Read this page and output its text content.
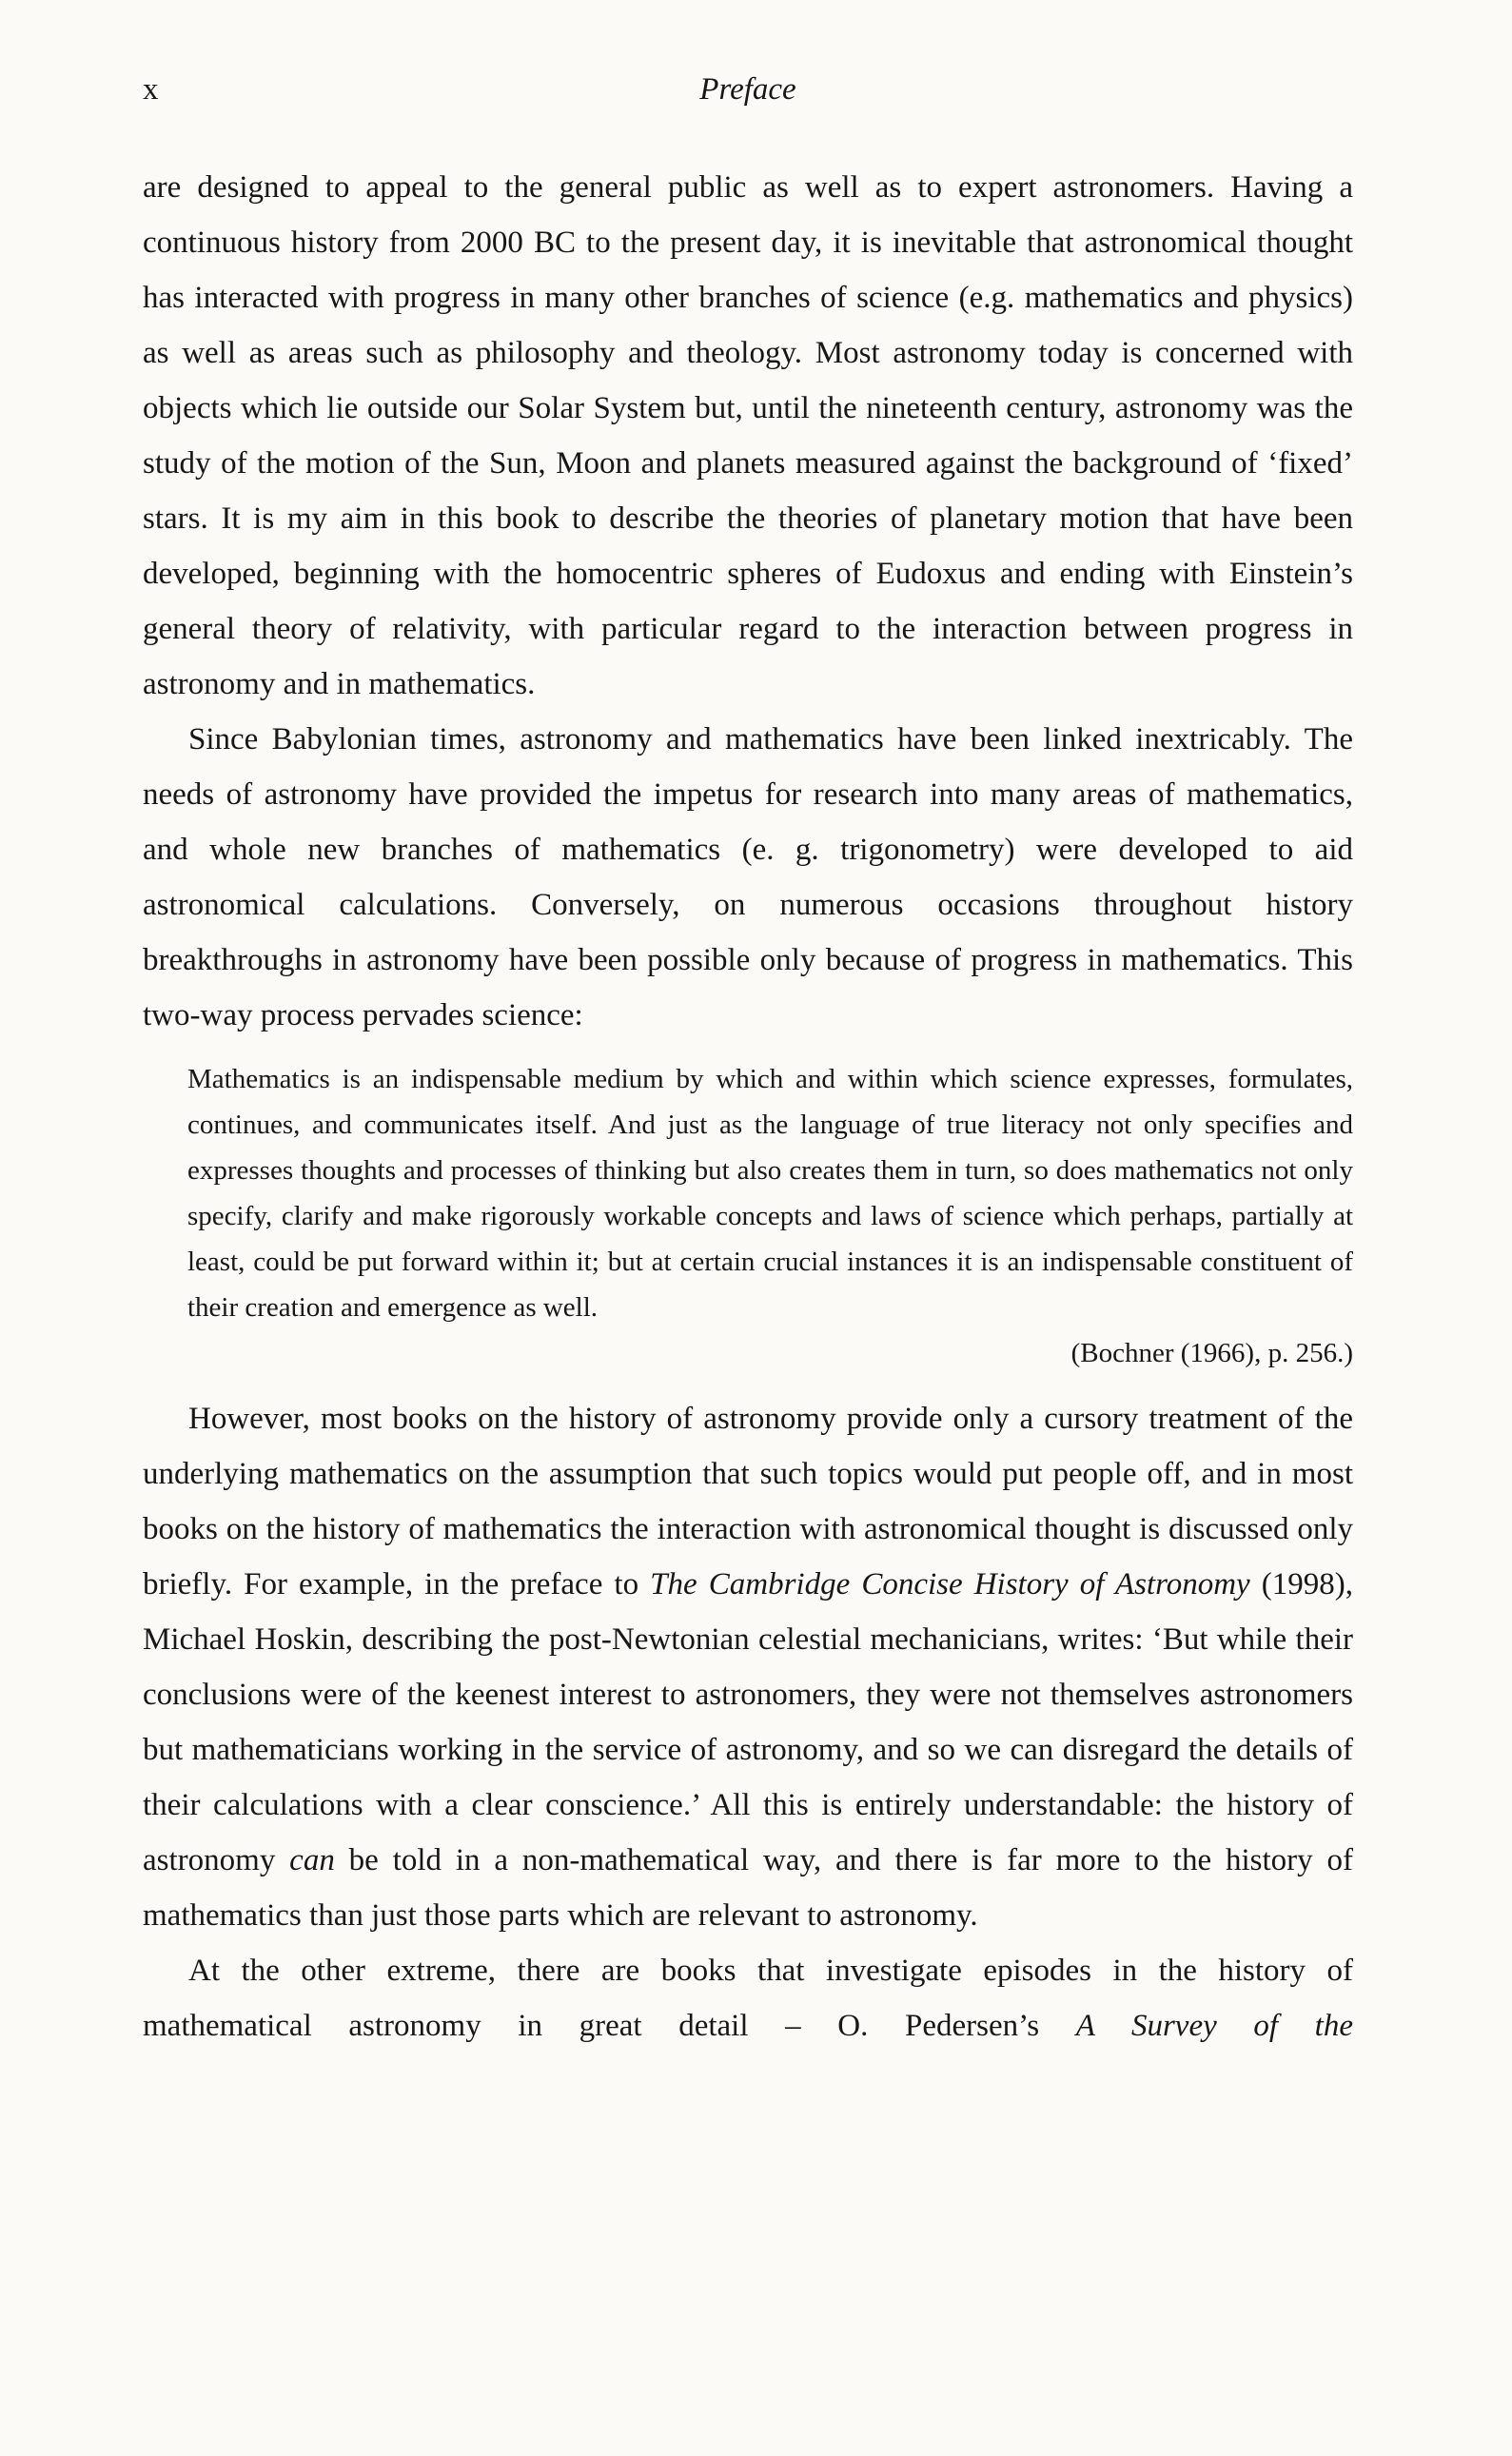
x	Preface

are designed to appeal to the general public as well as to expert astronomers. Having a continuous history from 2000 BC to the present day, it is inevitable that astronomical thought has interacted with progress in many other branches of science (e.g. mathematics and physics) as well as areas such as philosophy and theology. Most astronomy today is concerned with objects which lie outside our Solar System but, until the nineteenth century, astronomy was the study of the motion of the Sun, Moon and planets measured against the background of ‘fixed’ stars. It is my aim in this book to describe the theories of planetary motion that have been developed, beginning with the homocentric spheres of Eudoxus and ending with Einstein’s general theory of relativity, with particular regard to the interaction between progress in astronomy and in mathematics.

Since Babylonian times, astronomy and mathematics have been linked inextricably. The needs of astronomy have provided the impetus for research into many areas of mathematics, and whole new branches of mathematics (e. g. trigonometry) were developed to aid astronomical calculations. Conversely, on numerous occasions throughout history breakthroughs in astronomy have been possible only because of progress in mathematics. This two-way process pervades science:

Mathematics is an indispensable medium by which and within which science expresses, formulates, continues, and communicates itself. And just as the language of true literacy not only specifies and expresses thoughts and processes of thinking but also creates them in turn, so does mathematics not only specify, clarify and make rigorously workable concepts and laws of science which perhaps, partially at least, could be put forward within it; but at certain crucial instances it is an indispensable constituent of their creation and emergence as well.

(Bochner (1966), p. 256.)

However, most books on the history of astronomy provide only a cursory treatment of the underlying mathematics on the assumption that such topics would put people off, and in most books on the history of mathematics the interaction with astronomical thought is discussed only briefly. For example, in the preface to The Cambridge Concise History of Astronomy (1998), Michael Hoskin, describing the post-Newtonian celestial mechanicians, writes: ‘But while their conclusions were of the keenest interest to astronomers, they were not themselves astronomers but mathematicians working in the service of astronomy, and so we can disregard the details of their calculations with a clear conscience.’ All this is entirely understandable: the history of astronomy can be told in a non-mathematical way, and there is far more to the history of mathematics than just those parts which are relevant to astronomy.

At the other extreme, there are books that investigate episodes in the history of mathematical astronomy in great detail – O. Pedersen’s A Survey of the
